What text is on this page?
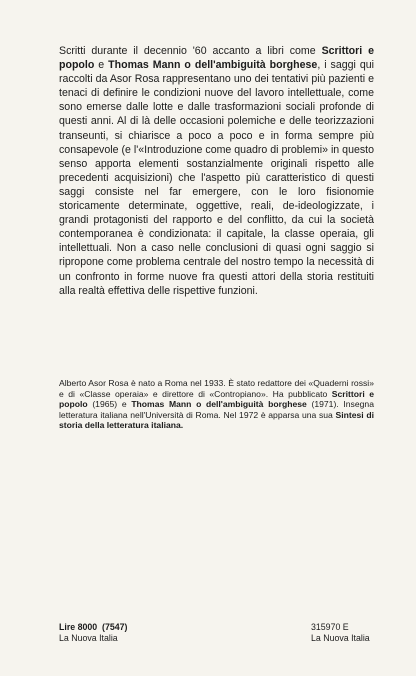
Scritti durante il decennio '60 accanto a libri come Scrittori e popolo e Thomas Mann o dell'ambiguità borghese, i saggi qui raccolti da Asor Rosa rappresentano uno dei tentativi più pazienti e tenaci di definire le condizioni nuove del lavoro intellettuale, come sono emerse dalle lotte e dalle trasformazioni sociali profonde di questi anni. Al di là delle occasioni polemiche e delle teorizzazioni transeunti, si chiarisce a poco a poco e in forma sempre più consapevole (e l'«Introduzione come quadro di problemi» in questo senso apporta elementi sostanzialmente originali rispetto alle precedenti acquisizioni) che l'aspetto più caratteristico di questi saggi consiste nel far emergere, con le loro fisionomie storicamente determinate, oggettive, reali, de-ideologizzate, i grandi protagonisti del rapporto e del conflitto, da cui la società contemporanea è condizionata: il capitale, la classe operaia, gli intellettuali. Non a caso nelle conclusioni di quasi ogni saggio si ripropone come problema centrale del nostro tempo la necessità di un confronto in forme nuove fra questi attori della storia restituiti alla realtà effettiva delle rispettive funzioni.
Alberto Asor Rosa è nato a Roma nel 1933. È stato redattore dei «Quaderni rossi» e di «Classe operaia» e direttore di «Contropiano». Ha pubblicato Scrittori e popolo (1965) e Thomas Mann o dell'ambiguità borghese (1971). Insegna letteratura italiana nell'Università di Roma. Nel 1972 è apparsa una sua Sintesi di storia della letteratura italiana.
Lire 8000  (7547)
La Nuova Italia
315970 E
La Nuova Italia
